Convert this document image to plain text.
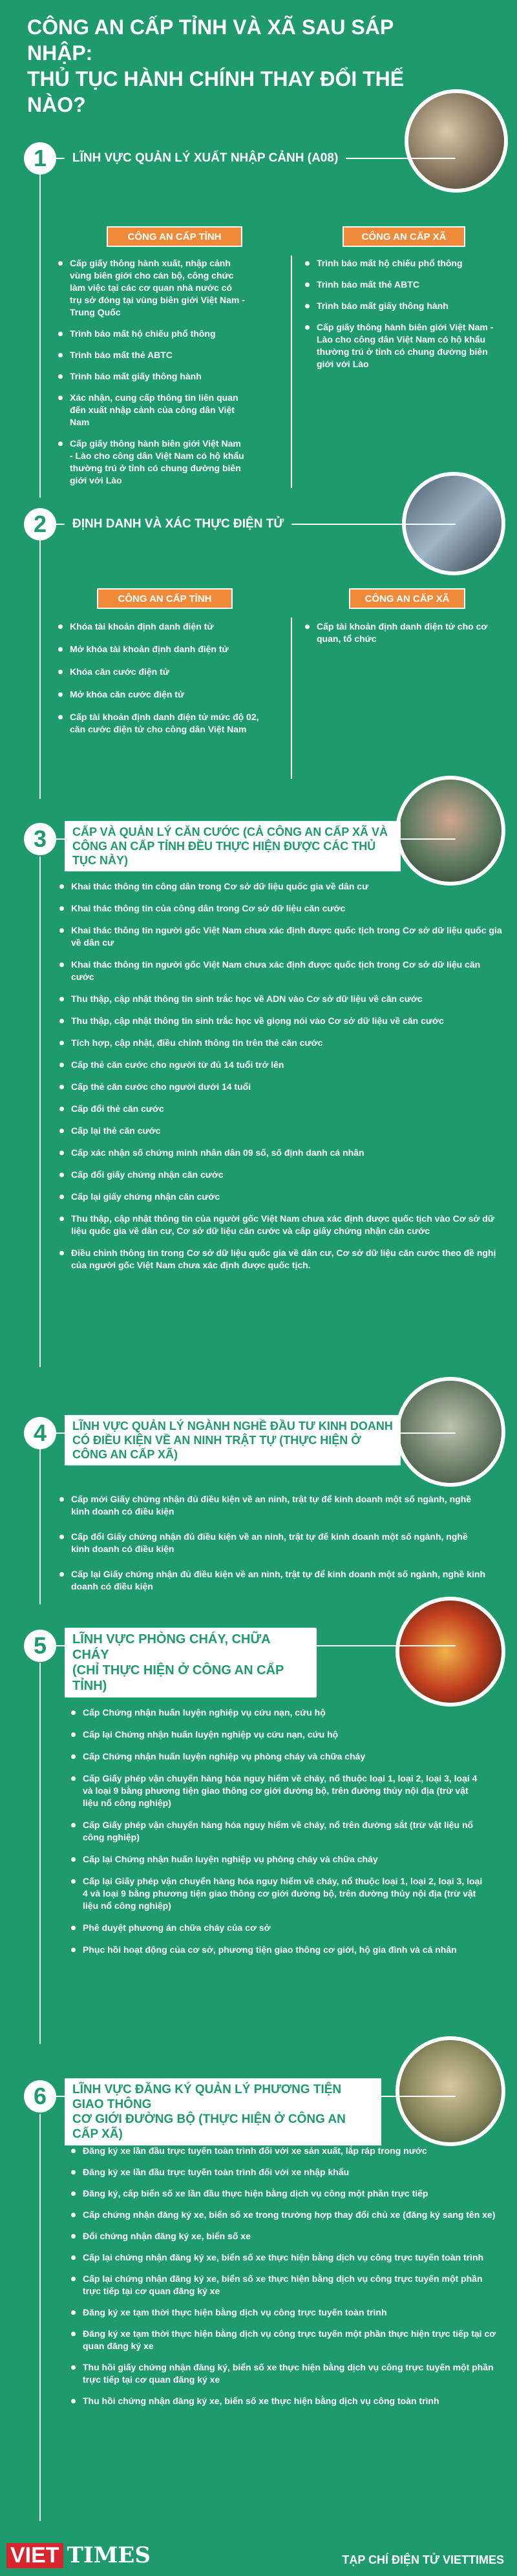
CÔNG AN CẤP TỈNH VÀ XÃ SAU SÁP NHẬP:
THỦ TỤC HÀNH CHÍNH THAY ĐỔI THẾ NÀO?
1	LĨNH VỰC QUẢN LÝ XUẤT NHẬP CẢNH (A08)
CÔNG AN CẤP TỈNH	CÔNG AN CẤP XÃ
Cấp giấy thông hành xuất, nhập cảnh vùng biên giới cho cán bộ, công chức làm việc tại các cơ quan nhà nước có trụ sở đóng tại vùng biên giới Việt Nam - Trung Quốc
Trình báo mất hộ chiếu phổ thông
Trình báo mất thẻ ABTC
Trình báo mất giấy thông hành
Xác nhận, cung cấp thông tin liên quan đến xuất nhập cảnh của công dân Việt Nam
Cấp giấy thông hành biên giới Việt Nam - Lào cho công dân Việt Nam có hộ khẩu thường trú ở tỉnh có chung đường biên giới với Lào
Trình báo mất hộ chiếu phổ thông
Trình báo mất thẻ ABTC
Trình báo mất giấy thông hành
Cấp giấy thông hành biên giới Việt Nam - Lào cho công dân Việt Nam có hộ khẩu thường trú ở tỉnh có chung đường biên giới với Lào
2	ĐỊNH DANH VÀ XÁC THỰC ĐIỆN TỬ
CÔNG AN CẤP TỈNH	CÔNG AN CẤP XÃ
Khóa tài khoản định danh điện tử
Mở khóa tài khoản định danh điện tử
Khóa căn cước điện tử
Mở khóa căn cước điện tử
Cấp tài khoản định danh điện tử mức độ 02, căn cước điện tử cho công dân Việt Nam
Cấp tài khoản định danh điện tử cho cơ quan, tổ chức
3	CẤP VÀ QUẢN LÝ CĂN CƯỚC (CẢ CÔNG AN CẤP XÃ VÀ
CÔNG AN CẤP TỈNH ĐỀU THỰC HIỆN ĐƯỢC CÁC THỦ TỤC NÀY)
Khai thác thông tin công dân trong Cơ sở dữ liệu quốc gia về dân cư
Khai thác thông tin của công dân trong Cơ sở dữ liệu căn cước
Khai thác thông tin người gốc Việt Nam chưa xác định được quốc tịch trong Cơ sở dữ liệu quốc gia về dân cư
Khai thác thông tin người gốc Việt Nam chưa xác định được quốc tịch trong Cơ sở dữ liệu căn cước
Thu thập, cập nhật thông tin sinh trắc học về ADN vào Cơ sở dữ liệu về căn cước
Thu thập, cập nhật thông tin sinh trắc học về giọng nói vào Cơ sở dữ liệu về căn cước
Tích hợp, cập nhật, điều chỉnh thông tin trên thẻ căn cước
Cấp thẻ căn cước cho người từ đủ 14 tuổi trở lên
Cấp thẻ căn cước cho người dưới 14 tuổi
Cấp đổi thẻ căn cước
Cấp lại thẻ căn cước
Cấp xác nhận số chứng minh nhân dân 09 số, số định danh cá nhân
Cấp đổi giấy chứng nhận căn cước
Cấp lại giấy chứng nhận căn cước
Thu thập, cập nhật thông tin của người gốc Việt Nam chưa xác định được quốc tịch vào Cơ sở dữ liệu quốc gia về dân cư, Cơ sở dữ liệu căn cước và cấp giấy chứng nhận căn cước
Điều chỉnh thông tin trong Cơ sở dữ liệu quốc gia về dân cư, Cơ sở dữ liệu căn cước theo đề nghị của người gốc Việt Nam chưa xác định được quốc tịch.
4	LĨNH VỰC QUẢN LÝ NGÀNH NGHỀ ĐẦU TƯ KINH DOANH
CÓ ĐIỀU KIỆN VỀ AN NINH TRẬT TỰ (THỰC HIỆN Ở CÔNG AN CẤP XÃ)
Cấp mới Giấy chứng nhận đủ điều kiện về an ninh, trật tự để kinh doanh một số ngành, nghề kinh doanh có điều kiện
Cấp đổi Giấy chứng nhận đủ điều kiện về an ninh, trật tự để kinh doanh một số ngành, nghề kinh doanh có điều kiện
Cấp lại Giấy chứng nhận đủ điều kiện về an ninh, trật tự để kinh doanh một số ngành, nghề kinh doanh có điều kiện
5	LĨNH VỰC PHÒNG CHÁY, CHỮA CHÁY
(CHỈ THỰC HIỆN Ở CÔNG AN CẤP TỈNH)
Cấp Chứng nhận huấn luyện nghiệp vụ cứu nạn, cứu hộ
Cấp lại Chứng nhận huấn luyện nghiệp vụ cứu nạn, cứu hộ
Cấp Chứng nhận huấn luyện nghiệp vụ phòng cháy và chữa cháy
Cấp Giấy phép vận chuyển hàng hóa nguy hiểm về cháy, nổ thuộc loại 1, loại 2, loại 3, loại 4 và loại 9 bằng phương tiện giao thông cơ giới đường bộ, trên đường thủy nội địa (trừ vật liệu nổ công nghiệp)
Cấp Giấy phép vận chuyển hàng hóa nguy hiểm về cháy, nổ trên đường sắt (trừ vật liệu nổ công nghiệp)
Cấp lại Chứng nhận huấn luyện nghiệp vụ phòng cháy và chữa cháy
Cấp lại Giấy phép vận chuyển hàng hóa nguy hiểm về cháy, nổ thuộc loại 1, loại 2, loại 3, loại 4 và loại 9 bằng phương tiện giao thông cơ giới đường bộ, trên đường thủy nội địa (trừ vật liệu nổ công nghiệp)
Phê duyệt phương án chữa cháy của cơ sở
Phục hồi hoạt động của cơ sở, phương tiện giao thông cơ giới, hộ gia đình và cá nhân
6	LĨNH VỰC ĐĂNG KÝ QUẢN LÝ PHƯƠNG TIỆN GIAO THÔNG
CƠ GIỚI ĐƯỜNG BỘ (THỰC HIỆN Ở CÔNG AN CẤP XÃ)
Đăng ký xe lần đầu trực tuyến toàn trình đối với xe sản xuất, lắp ráp trong nước
Đăng ký xe lần đầu trực tuyến toàn trình đối với xe nhập khẩu
Đăng ký, cấp biển số xe lần đầu thực hiện bằng dịch vụ công một phần trực tiếp
Cấp chứng nhận đăng ký xe, biển số xe trong trường hợp thay đổi chủ xe (đăng ký sang tên xe)
Đổi chứng nhận đăng ký xe, biển số xe
Cấp lại chứng nhận đăng ký xe, biển số xe thực hiện bằng dịch vụ công trực tuyến toàn trình
Cấp lại chứng nhận đăng ký xe, biển số xe thực hiện bằng dịch vụ công trực tuyến một phần trực tiếp tại cơ quan đăng ký xe
Đăng ký xe tạm thời thực hiện bằng dịch vụ công trực tuyến toàn trình
Đăng ký xe tạm thời thực hiện bằng dịch vụ công trực tuyến một phần thực hiện trực tiếp tại cơ quan đăng ký xe
Thu hồi giấy chứng nhận đăng ký, biển số xe thực hiện bằng dịch vụ công trực tuyến một phần trực tiếp tại cơ quan đăng ký xe
Thu hồi chứng nhận đăng ký xe, biển số xe thực hiện bằng dịch vụ công toàn trình
VIET TIMES	TẠP CHÍ ĐIỆN TỬ VIETTIMES
